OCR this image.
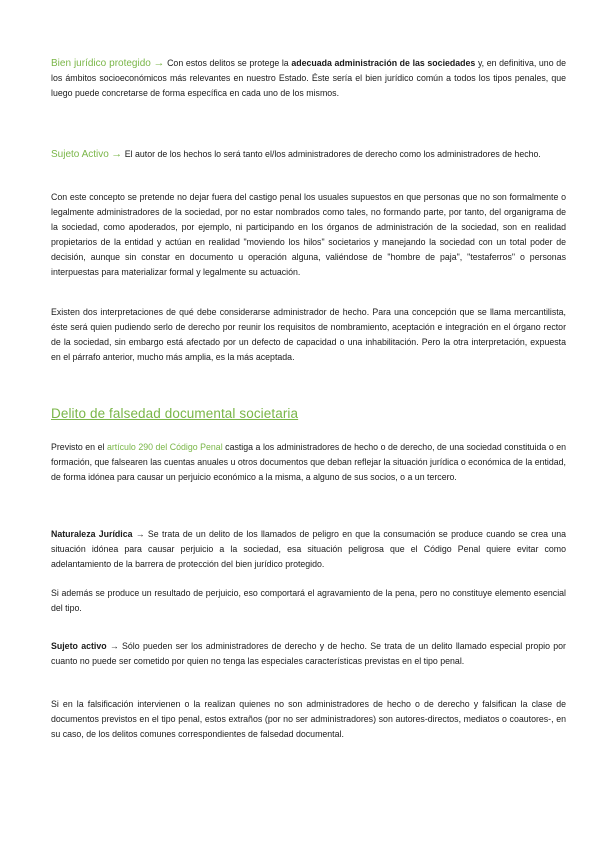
Bien jurídico protegido → Con estos delitos se protege la adecuada administración de las sociedades y, en definitiva, uno de los ámbitos socioeconómicos más relevantes en nuestro Estado. Éste sería el bien jurídico común a todos los tipos penales, que luego puede concretarse de forma específica en cada uno de los mismos.

Sujeto Activo → El autor de los hechos lo será tanto el/los administradores de derecho como los administradores de hecho.

Con este concepto se pretende no dejar fuera del castigo penal los usuales supuestos en que personas que no son formalmente o legalmente administradores de la sociedad, por no estar nombrados como tales, no formando parte, por tanto, del organigrama de la sociedad, como apoderados, por ejemplo, ni participando en los órganos de administración de la sociedad, son en realidad propietarios de la entidad y actúan en realidad "moviendo los hilos" societarios y manejando la sociedad con un total poder de decisión, aunque sin constar en documento u operación alguna, valiéndose de "hombre de paja", "testaferros" o personas interpuestas para materializar formal y legalmente su actuación.

Existen dos interpretaciones de qué debe considerarse administrador de hecho. Para una concepción que se llama mercantilista, éste será quien pudiendo serlo de derecho por reunir los requisitos de nombramiento, aceptación e integración en el órgano rector de la sociedad, sin embargo está afectado por un defecto de capacidad o una inhabilitación. Pero la otra interpretación, expuesta en el párrafo anterior, mucho más amplia, es la más aceptada.

Delito de falsedad documental societaria

Previsto en el artículo 290 del Código Penal castiga a los administradores de hecho o de derecho, de una sociedad constituida o en formación, que falsearen las cuentas anuales u otros documentos que deban reflejar la situación jurídica o económica de la entidad, de forma idónea para causar un perjuicio económico a la misma, a alguno de sus socios, o a un tercero.

Naturaleza Jurídica → Se trata de un delito de los llamados de peligro en que la consumación se produce cuando se crea una situación idónea para causar perjuicio a la sociedad, esa situación peligrosa que el Código Penal quiere evitar como adelantamiento de la barrera de protección del bien jurídico protegido.

Si además se produce un resultado de perjuicio, eso comportará el agravamiento de la pena, pero no constituye elemento esencial del tipo.

Sujeto activo → Sólo pueden ser los administradores de derecho y de hecho. Se trata de un delito llamado especial propio por cuanto no puede ser cometido por quien no tenga las especiales características previstas en el tipo penal.

Si en la falsificación intervienen o la realizan quienes no son administradores de hecho o de derecho y falsifican la clase de documentos previstos en el tipo penal, estos extraños (por no ser administradores) son autores-directos, mediatos o coautores-, en su caso, de los delitos comunes correspondientes de falsedad documental.
